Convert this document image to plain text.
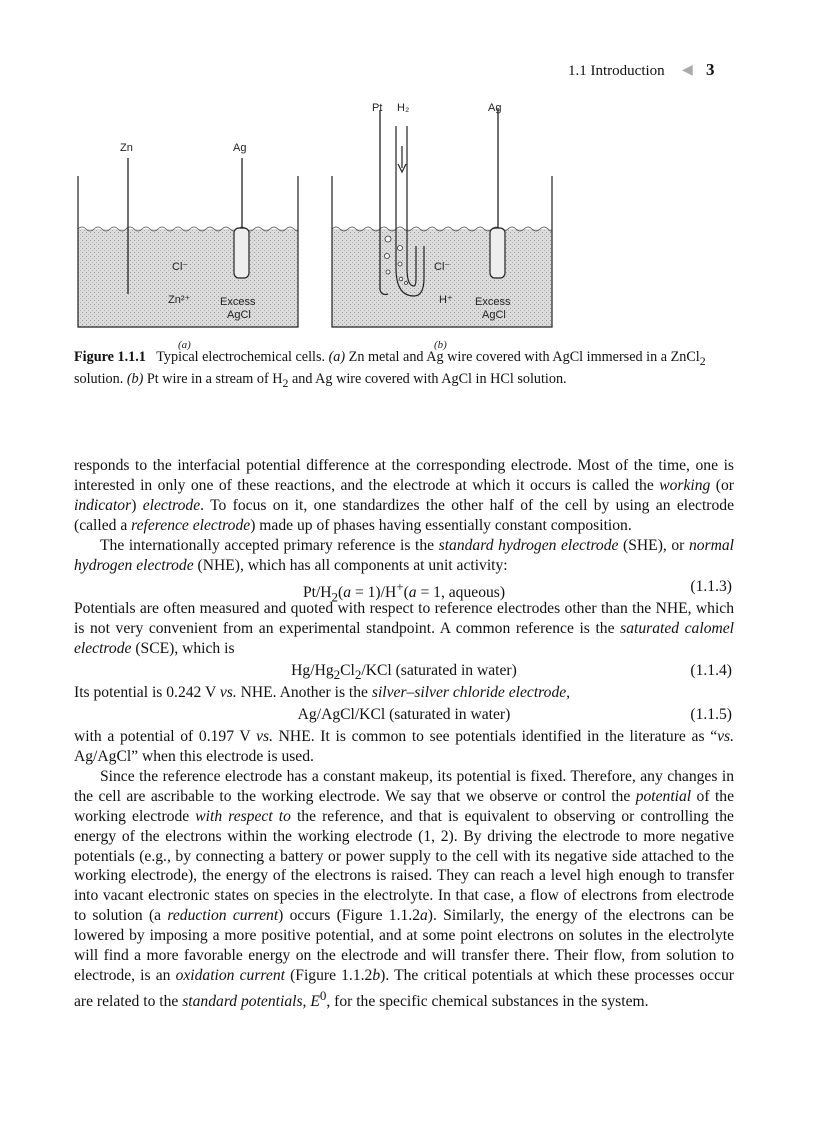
1.1 Introduction ◀ 3
Zn	Ag
Cl⁻
Zn²⁺	Excess
AgCl
(a)
Pt H₂	Ag
Cl⁻
H⁺ Excess
AgCl
(b)
Figure 1.1.1 Typical electrochemical cells. (a) Zn metal and Ag wire covered with AgCl immersed in a ZnCl$_2$ solution. (b) Pt wire in a stream of $H_2$ and Ag wire covered with AgCl in HCl solution.

responds to the interfacial potential difference at the corresponding electrode. Most of the time, one is interested in only one of these reactions, and the electrode at which it occurs is called the working (or indicator) electrode. To focus on it, one standardizes the other half of the cell by using an electrode (called a reference electrode) made up of phases having essentially constant composition.

The internationally accepted primary reference is the standard hydrogen electrode (SHE), or normal hydrogen electrode (NHE), which has all components at unit activity:

$Pt/H_2(a = 1)/H^+(a = 1$, aqueous)	(1.1.3)

Potentials are often measured and quoted with respect to reference electrodes other than the NHE, which is not very convenient from an experimental standpoint. A common reference is the saturated calomel electrode (SCE), which is

$Hg/Hg_2Cl_2$/KCl (saturated in water)	(1.1.4)

Its potential is 0.242 V vs. NHE. Another is the silver–silver chloride electrode,

Ag/AgCl/KCl (saturated in water)	(1.1.5)

with a potential of 0.197 V vs. NHE. It is common to see potentials identified in the literature as “vs. Ag/AgCl” when this electrode is used.

Since the reference electrode has a constant makeup, its potential is fixed. Therefore, any changes in the cell are ascribable to the working electrode. We say that we observe or control the potential of the working electrode with respect to the reference, and that is equivalent to observing or controlling the energy of the electrons within the working electrode (1, 2). By driving the electrode to more negative potentials (e.g., by connecting a battery or power supply to the cell with its negative side attached to the working electrode), the energy of the electrons is raised. They can reach a level high enough to transfer into vacant electronic states on species in the electrolyte. In that case, a flow of electrons from electrode to solution (a reduction current) occurs (Figure 1.1.2a). Similarly, the energy of the electrons can be lowered by imposing a more positive potential, and at some point electrons on solutes in the electrolyte will find a more favorable energy on the electrode and will transfer there. Their flow, from solution to electrode, is an oxidation current (Figure 1.1.2b). The critical potentials at which these processes occur are related to the standard potentials, $E^0$, for the specific chemical substances in the system.
